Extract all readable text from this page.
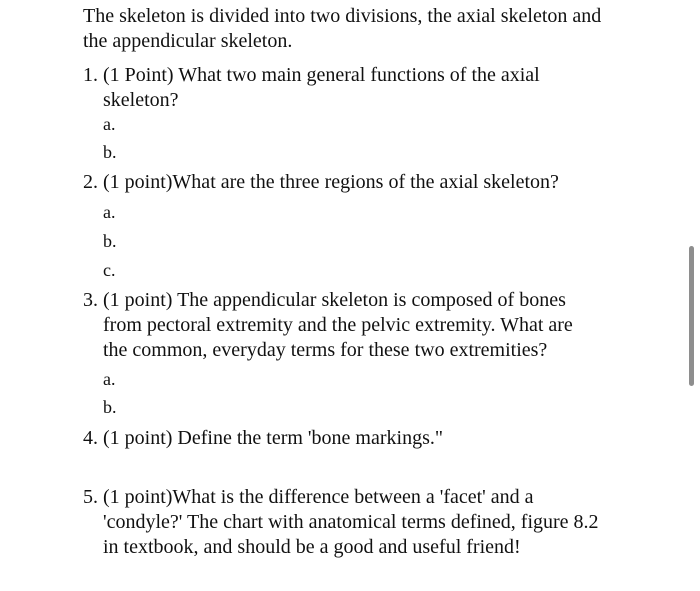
The skeleton is divided into two divisions, the axial skeleton and
the appendicular skeleton.
1. (1 Point) What two main general functions of the axial
skeleton?
a.
b.
2. (1 point)What are the three regions of the axial skeleton?
a.
b.
c.
3. (1 point) The appendicular skeleton is composed of bones
from pectoral extremity and the pelvic extremity. What are
the common, everyday terms for these two extremities?
a.
b.
4. (1 point) Define the term 'bone markings."
5. (1 point)What is the difference between a 'facet' and a
'condyle?' The chart with anatomical terms defined, figure 8.2
in textbook, and should be a good and useful friend!
